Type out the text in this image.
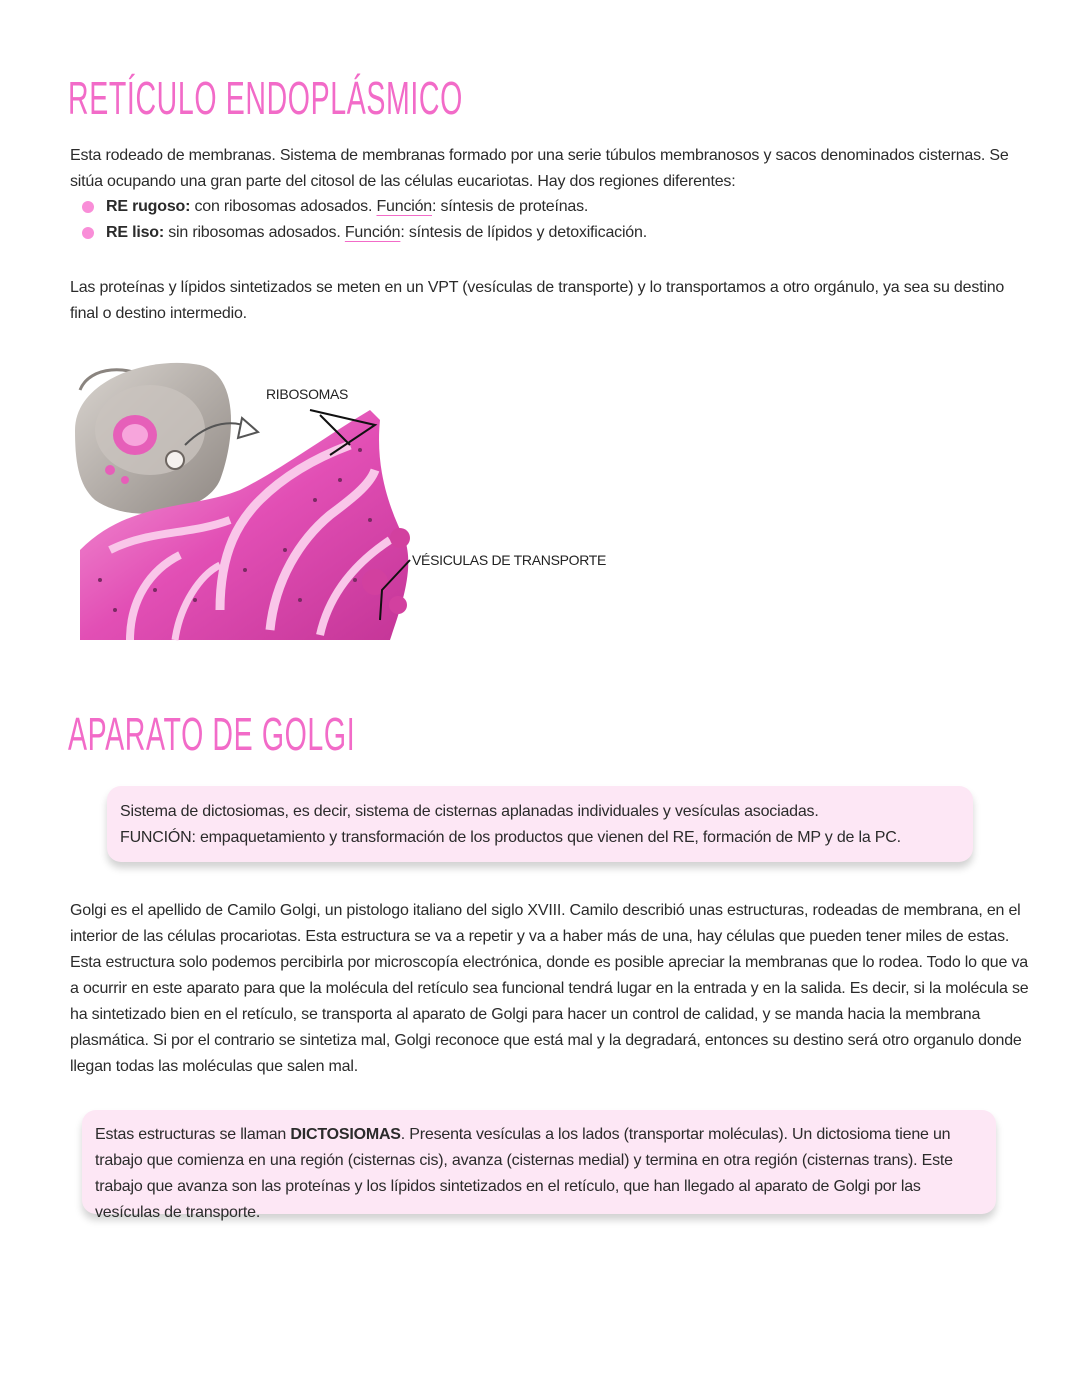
RETÍCULO ENDOPLÁSMICO

Esta rodeado de membranas. Sistema de membranas formado por una serie túbulos membranosos y sacos denominados cisternas. Se sitúa ocupando una gran parte del citosol de las células eucariotas. Hay dos regiones diferentes:

RE rugoso: con ribosomas adosados. Función: síntesis de proteínas.
RE liso: sin ribosomas adosados. Función: síntesis de lípidos y detoxificación.

Las proteínas y lípidos sintetizados se meten en un VPT (vesículas de transporte) y lo transportamos a otro orgánulo, ya sea su destino final o destino intermedio.

RIBOSOMAS
VÉSICULAS DE TRANSPORTE
APARATO DE GOLGI

Sistema de dictosiomas, es decir, sistema de cisternas aplanadas individuales y vesículas asociadas.

FUNCIÓN: empaquetamiento y transformación de los productos que vienen del RE, formación de MP y de la PC.

Golgi es el apellido de Camilo Golgi, un pistologo italiano del siglo XVIII. Camilo describió unas estructuras, rodeadas de membrana, en el interior de las células procariotas. Esta estructura se va a repetir y va a haber más de una, hay células que pueden tener miles de estas. Esta estructura solo podemos percibirla por microscopía electrónica, donde es posible apreciar la membranas que lo rodea. Todo lo que va a ocurrir en este aparato para que la molécula del retículo sea funcional tendrá lugar en la entrada y en la salida. Es decir, si la molécula se ha sintetizado bien en el retículo, se transporta al aparato de Golgi para hacer un control de calidad, y se manda hacia la membrana plasmática. Si por el contrario se sintetiza mal, Golgi reconoce que está mal y la degradará, entonces su destino será otro organulo donde llegan todas las moléculas que salen mal.

Estas estructuras se llaman DICTOSIOMAS. Presenta vesículas a los lados (transportar moléculas). Un dictosioma tiene un trabajo que comienza en una región (cisternas cis), avanza (cisternas medial) y termina en otra región (cisternas trans). Este trabajo que avanza son las proteínas y los lípidos sintetizados en el retículo, que han llegado al aparato de Golgi por las vesículas de transporte.
